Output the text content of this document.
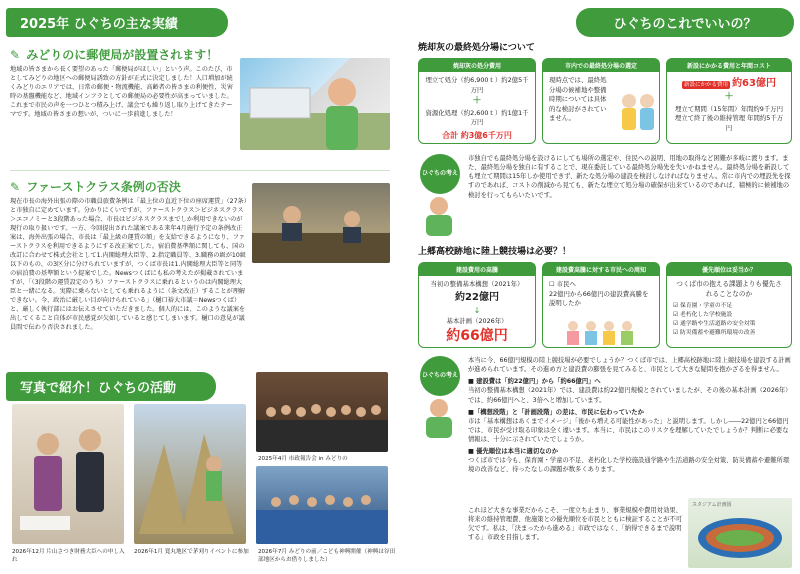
2025年 ひぐちの主な実績
✎ みどりのに郵便局が設置されます！
地域の皆さまから長く要望のあった「郵便局がほしい」という声。このたび、市としてみどりの地区への郵便局誘致の方針が正式に決定しました！人口増加が続くみどりのエリアでは、日常の郵便・物流機能、高齢者の皆さまの利便性、災害時の基盤機能など、地域インフラとしての郵便局の必要性が高まっていました。これまで市民の声を一つひとつ積み上げ、議会でも繰り返し取り上げてきたテーマです。地域の皆さまの想いが、ついに一歩前進しました！
✎ ファーストクラス条例の否決
現在市長の海外出張の際の市職員旅費条例は「最上位の直近下位の座席運賃」（27条）と市独自に定めています。分かりにくいですが、ファーストクラス＞ビジネスクラス＞エコノミーと3段階あった場合、市長はビジネスクラスまでしか利用できないのが現行の取り扱いです。一方、今回提出された議案である来年4月施行予定の条例改正案は、海外出張の場合、市長は「最上級の運賃の額」を支給できるようになり、ファーストクラスを利用できるようにする改正案でした。宿泊費基準額に関しても、国の改訂に合わせて株式会社として1.内閣総理大臣等、2.指定職員等、3.職務の級が10級以下のもの、の3区分に分けられていますが、つくば市長は1.内閣総理大臣等と同等の宿泊費の基準額という提案でした。Newsつくばにも私の考えたが掲載されていますが、「（3段階の運賃設定のうち）ファーストクラスに乗れるというのは内閣総理大臣と一緒になる。実際に乗らないとしても乗れるように（条文改正）することが理解できない。今、政治に厳しい目が向けられている」（樋口裕大市議＝Newsつくば）と、厳しく執行部にはお伝えさせていただきました。個人的には、このような議案を出してくること自体が市民感覚が欠如していると感じてしまいます。樋口の意見が議員間で伝わり否決されました。
写真で紹介！ひぐちの活動
2026年12月 片山さつき財務大臣への申し入れ
2026年1月 寛丸地区で茅刈りイベントに参加
2025年4月 市政報告会 in みどりの
2026年7月 みどりの前／こども神興開催（神興は谷田部地区からお借りしました）
ひぐちのこれでいいの？
焼却灰の最終処分場について
焼却灰の処分費用
埋立て処分（約6,900ｔ）約2億5千万円
＋
資源化処理（約2,600ｔ）約1億1千万円
合計 約3億6千万円
市内での最終処分場の選定
現時点では、最終処分場の候補地や整備時期については具体的な検討がされていません。
新設にかかる費用と年間コスト
新設にかかる費用 約63億円
＋
埋立て期間（15年間）年間約9千万円
埋立て終了後の維持管理 年間約5千万円
ひぐちの考え
市独自でも最終処分場を設けるにしても場所の選定や、住民への説明、用地の取得など困難が多岐に渡ります。また、最終処分場を独自に有することで、現在委託している最終処分場先を失いかねません。最終処分場を新設しても埋立て期間は15年しか使用できず、新たな処分場の建設を検討しなければなりません。常に市内での埋設先を探すのであれば、コストの削減から見ても、新たな埋立て処分場の確保が出来ているのであれば、積極的に候補地の検討を行ってもらいたいです。
上郷高校跡地に陸上競技場は必要？！
建設費用の高騰
当初の整備基本構想（2021年）
約22億円
↓
基本計画（2026年）
約66億円
建設費高騰に対する市民への周知
☐ 市民へ
22億円から66億円の建設費高騰を説明したか
優先順位は妥当か？
つくば市の抱える課題よりも優先されることなのか
☑ 保育園・学童の不足
☑ 老朽化した学校施設
☑ 通学路や生活道路の安全対策
☑ 防災備蓄や避難所環境の改善
ひぐちの考え
本当に今、66億円規模の陸上競技場が必要でしょうか？つくば市では、上郷高校跡地に陸上競技場を建設する計画が進められています。その進め方と建設費の膨張を見てみると、市民として大きな疑問を抱かざるを得ません。
■ 建設費は「約22億円」から「約66億円」へ
当初の整備基本構想（2021年）では、建設費は約22億円規模とされていましたが、その後の基本計画（2026年）では、約66億円へと、3倍へと増加しています。
■「構想段階」と「計画段階」の差は、市民に伝わっていたか
市は「基本構想はあくまでイメージ」「後から増える可能性があった」と説明します。しかし――22億円と66億円では、市民が受け取る印象は全く違います。本当に、市民はこのリスクを理解していたでしょうか？判断に必要な情報は、十分に示されていたでしょうか。
■ 優先順位は本当に適切なのか
つくば市では今も、保育園・学童の不足、老朽化した学校施設通学路や生活道路の安全対策、防災備蓄や避難所環境の改善など、待ったなしの課題が数多くあります。
これほど大きな事業だからこそ、一度立ち止まり、事業規模や費用対効果、将来の維持管理費、他施策との優先順位を市民とともに検証することが不可欠です。私は、「決まったから進める」市政ではなく、「納得できるまで説明する」市政を目指します。
スタジアム計画図
